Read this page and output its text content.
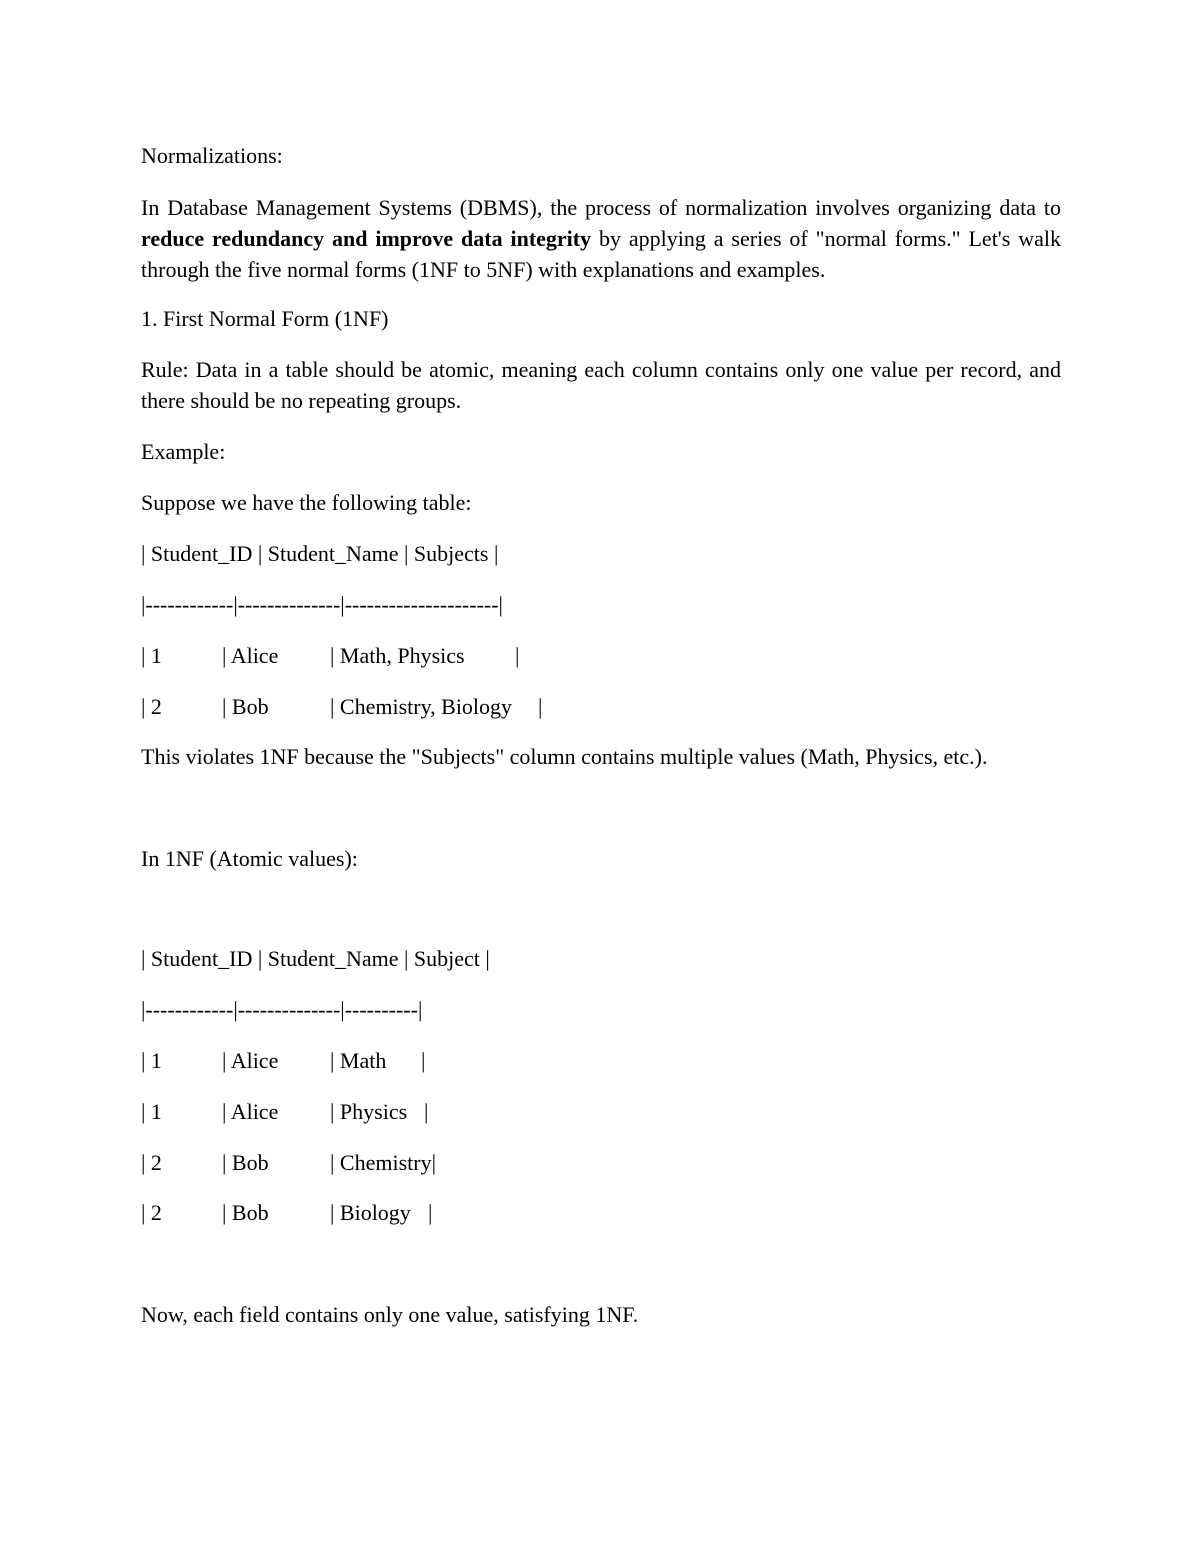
Normalizations:
In Database Management Systems (DBMS), the process of normalization involves organizing data to reduce redundancy and improve data integrity by applying a series of "normal forms." Let's walk through the five normal forms (1NF to 5NF) with explanations and examples.
1. First Normal Form (1NF)
Rule: Data in a table should be atomic, meaning each column contains only one value per record, and there should be no repeating groups.
Example:
Suppose we have the following table:
| Student_ID | Student_Name | Subjects |
|------------|--------------|---------------------|
| 1	| Alice | Math, Physics |
| 2	| Bob	| Chemistry, Biology |
This violates 1NF because the "Subjects" column contains multiple values (Math, Physics, etc.).
In 1NF (Atomic values):
| Student_ID | Student_Name | Subject |
|------------|--------------|----------|
| 1	| Alice | Math |
| 1	| Alice | Physics |
| 2	| Bob	| Chemistry|
| 2	| Bob	| Biology |
Now, each field contains only one value, satisfying 1NF.
